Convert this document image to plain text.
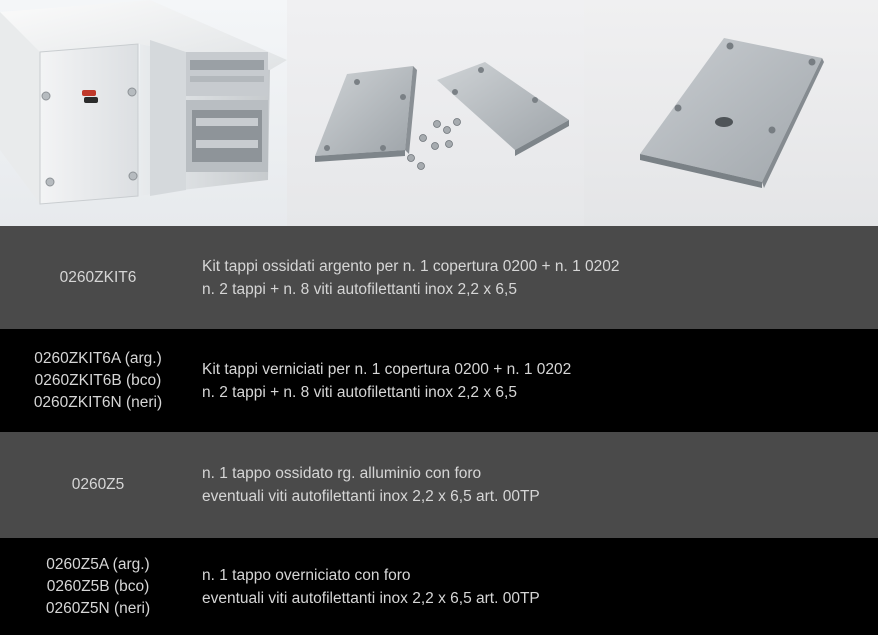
0260ZKIT6
Kit tappi ossidati argento per n. 1 copertura 0200 + n. 1 0202
n. 2 tappi + n. 8 viti autofilettanti inox 2,2 x 6,5
0260ZKIT6A (arg.)
0260ZKIT6B (bco)
0260ZKIT6N (neri)
Kit tappi verniciati per n. 1 copertura 0200 + n. 1 0202
n. 2 tappi + n. 8 viti autofilettanti inox 2,2 x 6,5
0260Z5
n. 1 tappo ossidato rg. alluminio con foro
eventuali viti autofilettanti inox 2,2 x 6,5 art. 00TP
0260Z5A (arg.)
0260Z5B (bco)
0260Z5N (neri)
n. 1 tappo overniciato con foro
eventuali viti autofilettanti inox 2,2 x 6,5 art. 00TP
